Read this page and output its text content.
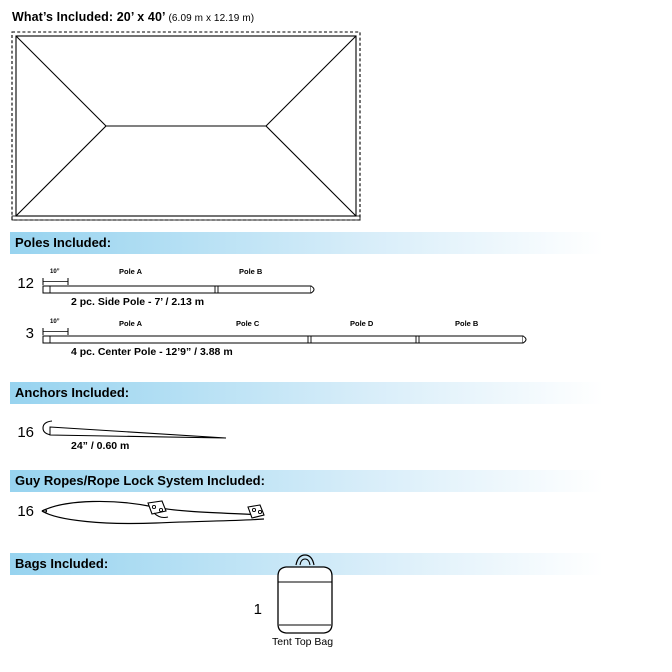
What’s Included: 20’ x 40’ (6.09 m x 12.19 m)
Poles Included:
12
10”	Pole A	Pole B
2 pc. Side Pole - 7’ / 2.13 m
3
10”	Pole A	Pole C	Pole D	Pole B
4 pc. Center Pole - 12’9” / 3.88 m
Anchors Included:
16
24” / 0.60 m
Guy Ropes/Rope Lock System Included:
16
Bags Included:
1
Tent Top Bag
